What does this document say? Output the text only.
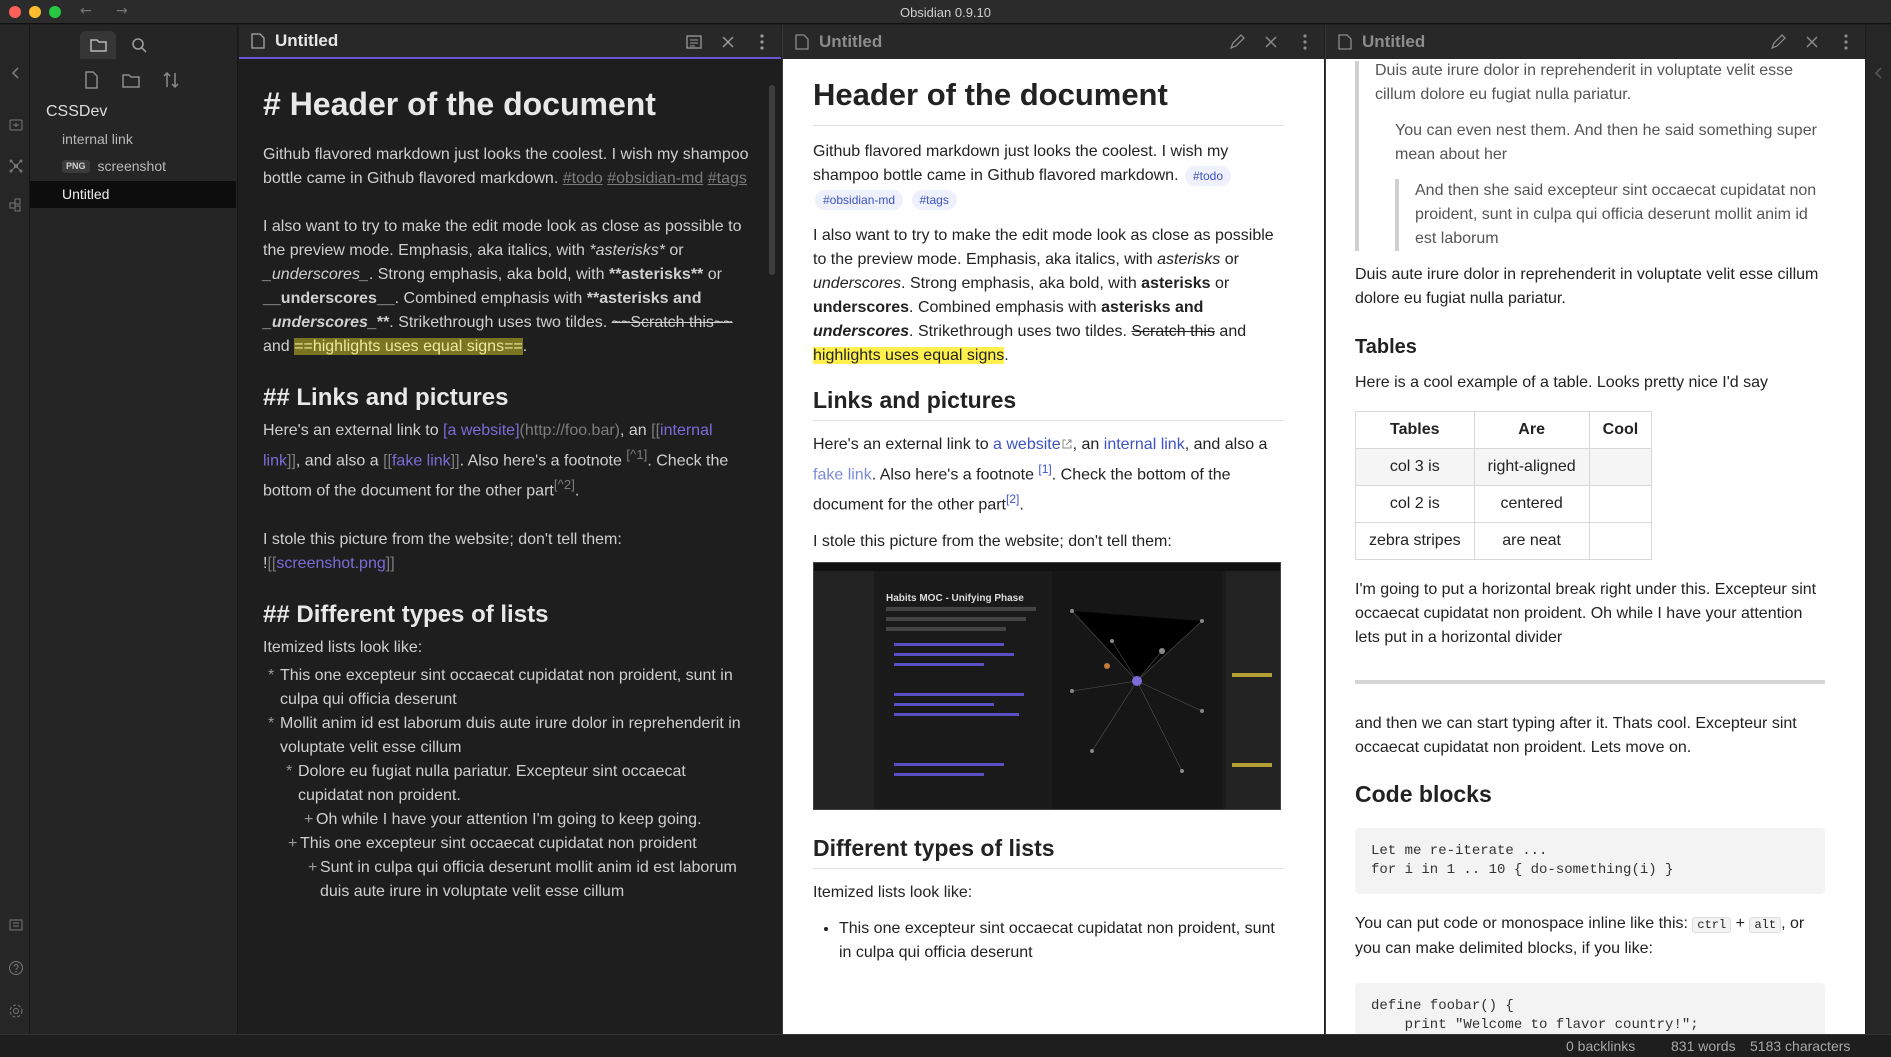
← →	Obsidian 0.9.10
CSSDev
internal link
PNG screenshot
Untitled
Untitled
# Header of the document

Github flavored markdown just looks the coolest. I wish my shampoo bottle came in Github flavored markdown. #todo #obsidian-md #tags

I also want to try to make the edit mode look as close as possible to the preview mode. Emphasis, aka italics, with *asterisks* or _underscores_. Strong emphasis, aka bold, with **asterisks** or __underscores__. Combined emphasis with **asterisks and _underscores_**. Strikethrough uses two tildes. ~~Scratch this~~ and ==highlights uses equal signs==.

## Links and pictures

Here's an external link to [a website](http://foo.bar), an [[internal link]], and also a [[fake link]]. Also here's a footnote [^1]. Check the bottom of the document for the other part[^2].

I stole this picture from the website; don't tell them:
![[screenshot.png]]

## Different types of lists
Itemized lists look like:
* This one excepteur sint occaecat cupidatat non proident, sunt in culpa qui officia deserunt
* Mollit anim id est laborum duis aute irure dolor in reprehenderit in voluptate velit esse cillum
* Dolore eu fugiat nulla pariatur. Excepteur sint occaecat cupidatat non proident.
+ Oh while I have your attention I'm going to keep going.
+ This one excepteur sint occaecat cupidatat non proident
+ Sunt in culpa qui officia deserunt mollit anim id est laborum duis aute irure in voluptate velit esse cillum
Untitled
Header of the document

Github flavored markdown just looks the coolest. I wish my shampoo bottle came in Github flavored markdown. #todo
#obsidian-md #tags

I also want to try to make the edit mode look as close as possible to the preview mode. Emphasis, aka italics, with asterisks or underscores. Strong emphasis, aka bold, with asterisks or underscores. Combined emphasis with asterisks and underscores. Strikethrough uses two tildes. Scratch this and highlights uses equal signs.

Links and pictures

Here's an external link to a website , an internal link, and also a fake link. Also here's a footnote [1]. Check the bottom of the document for the other part[2].

I stole this picture from the website; don't tell them:

Habits MOC - Unifying Phase
Different types of lists

Itemized lists look like:

• This one excepteur sint occaecat cupidatat non proident, sunt in culpa qui officia deserunt
Untitled

Duis aute irure dolor in reprehenderit in voluptate velit esse cillum dolore eu fugiat nulla pariatur.

You can even nest them. And then he said something super mean about her

And then she said excepteur sint occaecat cupidatat non proident, sunt in culpa qui officia deserunt mollit anim id est laborum

Duis aute irure dolor in reprehenderit in voluptate velit esse cillum dolore eu fugiat nulla pariatur.

Tables

Here is a cool example of a table. Looks pretty nice I'd say

Tables	Are	Cool
col 3 is	right-aligned	
col 2 is	centered	
zebra stripes	are neat	

I'm going to put a horizontal break right under this. Excepteur sint occaecat cupidatat non proident. Oh while I have your attention lets put in a horizontal divider

and then we can start typing after it. Thats cool. Excepteur sint occaecat cupidatat non proident. Lets move on.

Code blocks
Let me re-iterate ...
for i in 1 .. 10 { do-something(i) }

You can put code or monospace inline like this: ctrl + alt , or you can make delimited blocks, if you like:

define foobar() {
print "Welcome to flavor country!";
0 backlinks	831 words 5183 characters
